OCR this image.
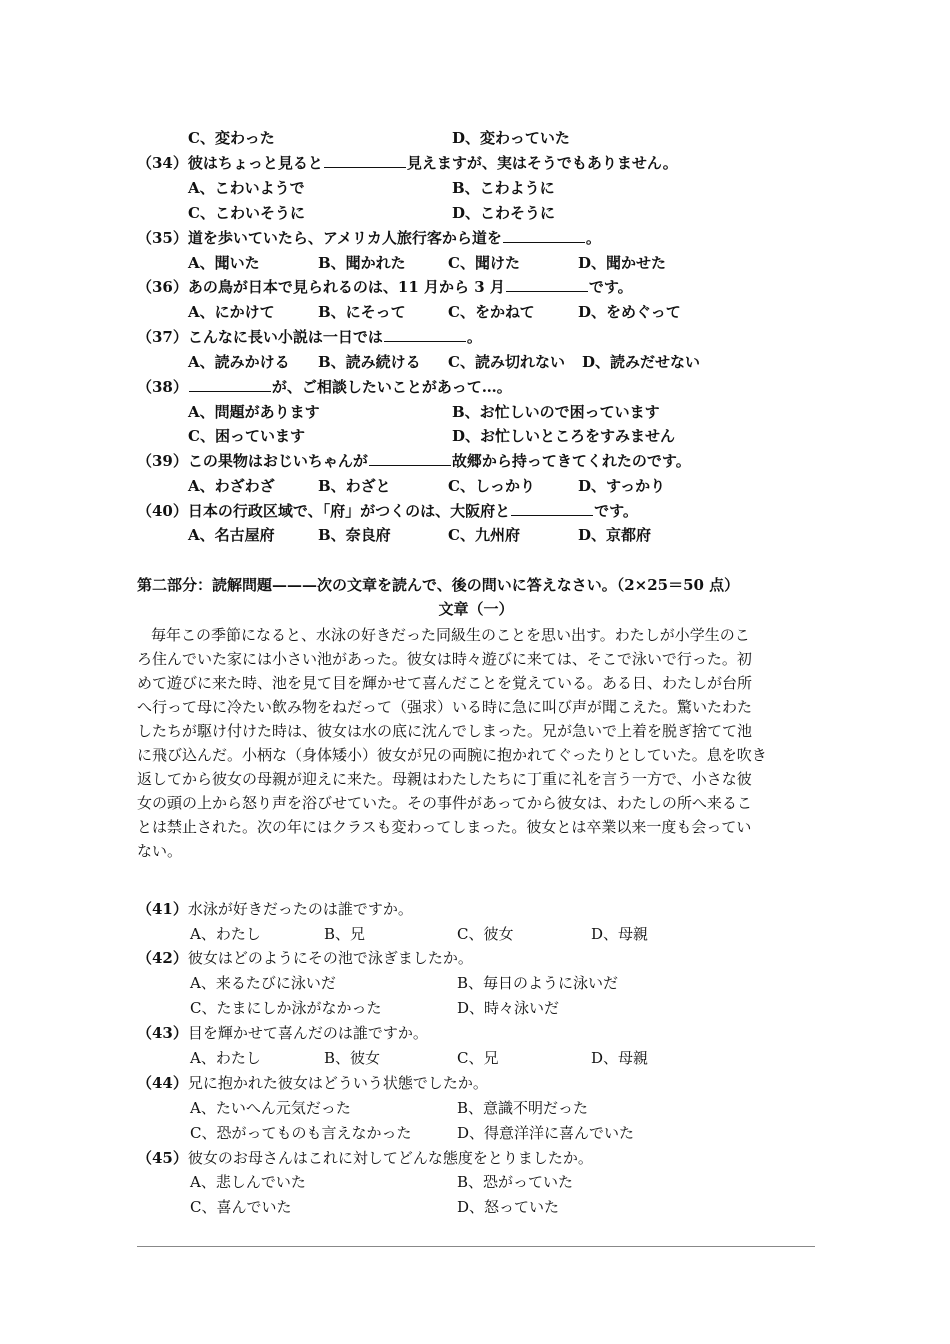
C、変わった	D、変わっていた
（34）彼はちょっと見ると	見えますが、実はそうでもありません。
A、こわいようで	B、こわように
C、こわいそうに	D、こわそうに
（35）道を歩いていたら、アメリカ人旅行客から道を	。
A、聞いた	B、聞かれた	C、聞けた	D、聞かせた
（36）あの鳥が日本で見られるのは、11 月から 3 月	です。
A、にかけて	B、にそって	C、をかねて	D、をめぐって
（37）こんなに長い小説は一日では	。
A、読みかける B、読み続ける C、読み切れない D、読みだせない
（38）	が、ご相談したいことがあって…。
A、問題があります	B、お忙しいので困っています
C、困っています	D、お忙しいところをすみません
（39）この果物はおじいちゃんが	故郷から持ってきてくれたのです。
A、わざわざ	B、わざと	C、しっかり	D、すっかり
（40）日本の行政区域で、「府」がつくのは、大阪府と	です。
A、名古屋府	B、奈良府	C、九州府	D、京都府
第二部分：読解問題———次の文章を読んで、後の問いに答えなさい。（2×25＝50 点）
文章（一）
毎年この季節になると、水泳の好きだった同級生のことを思い出す。わたしが小学生のこ
ろ住んでいた家には小さい池があった。彼女は時々遊びに来ては、そこで泳いで行った。初
めて遊びに来た時、池を見て目を輝かせて喜んだことを覚えている。ある日、わたしが台所
へ行って母に冷たい飲み物をねだって（强求）いる時に急に叫び声が聞こえた。驚いたわた
したちが駆け付けた時は、彼女は水の底に沈んでしまった。兄が急いで上着を脱ぎ捨てて池
に飛び込んだ。小柄な（身体矮小）彼女が兄の両腕に抱かれてぐったりとしていた。息を吹き
返してから彼女の母親が迎えに来た。母親はわたしたちに丁重に礼を言う一方で、小さな彼
女の頭の上から怒り声を浴びせていた。その事件があってから彼女は、わたしの所へ来るこ
とは禁止された。次の年にはクラスも変わってしまった。彼女とは卒業以来一度も会ってい
ない。
（41）水泳が好きだったのは誰ですか。
A、わたし	B、兄	C、彼女	D、母親
（42）彼女はどのようにその池で泳ぎましたか。
A、来るたびに泳いだ	B、毎日のように泳いだ
C、たまにしか泳がなかった	D、時々泳いだ
（43）目を輝かせて喜んだのは誰ですか。
A、わたし	B、彼女	C、兄	D、母親
（44）兄に抱かれた彼女はどういう状態でしたか。
A、たいへん元気だった	B、意識不明だった
C、恐がってものも言えなかった	D、得意洋洋に喜んでいた
（45）彼女のお母さんはこれに対してどんな態度をとりましたか。
A、悲しんでいた	B、恐がっていた
C、喜んでいた	D、怒っていた
